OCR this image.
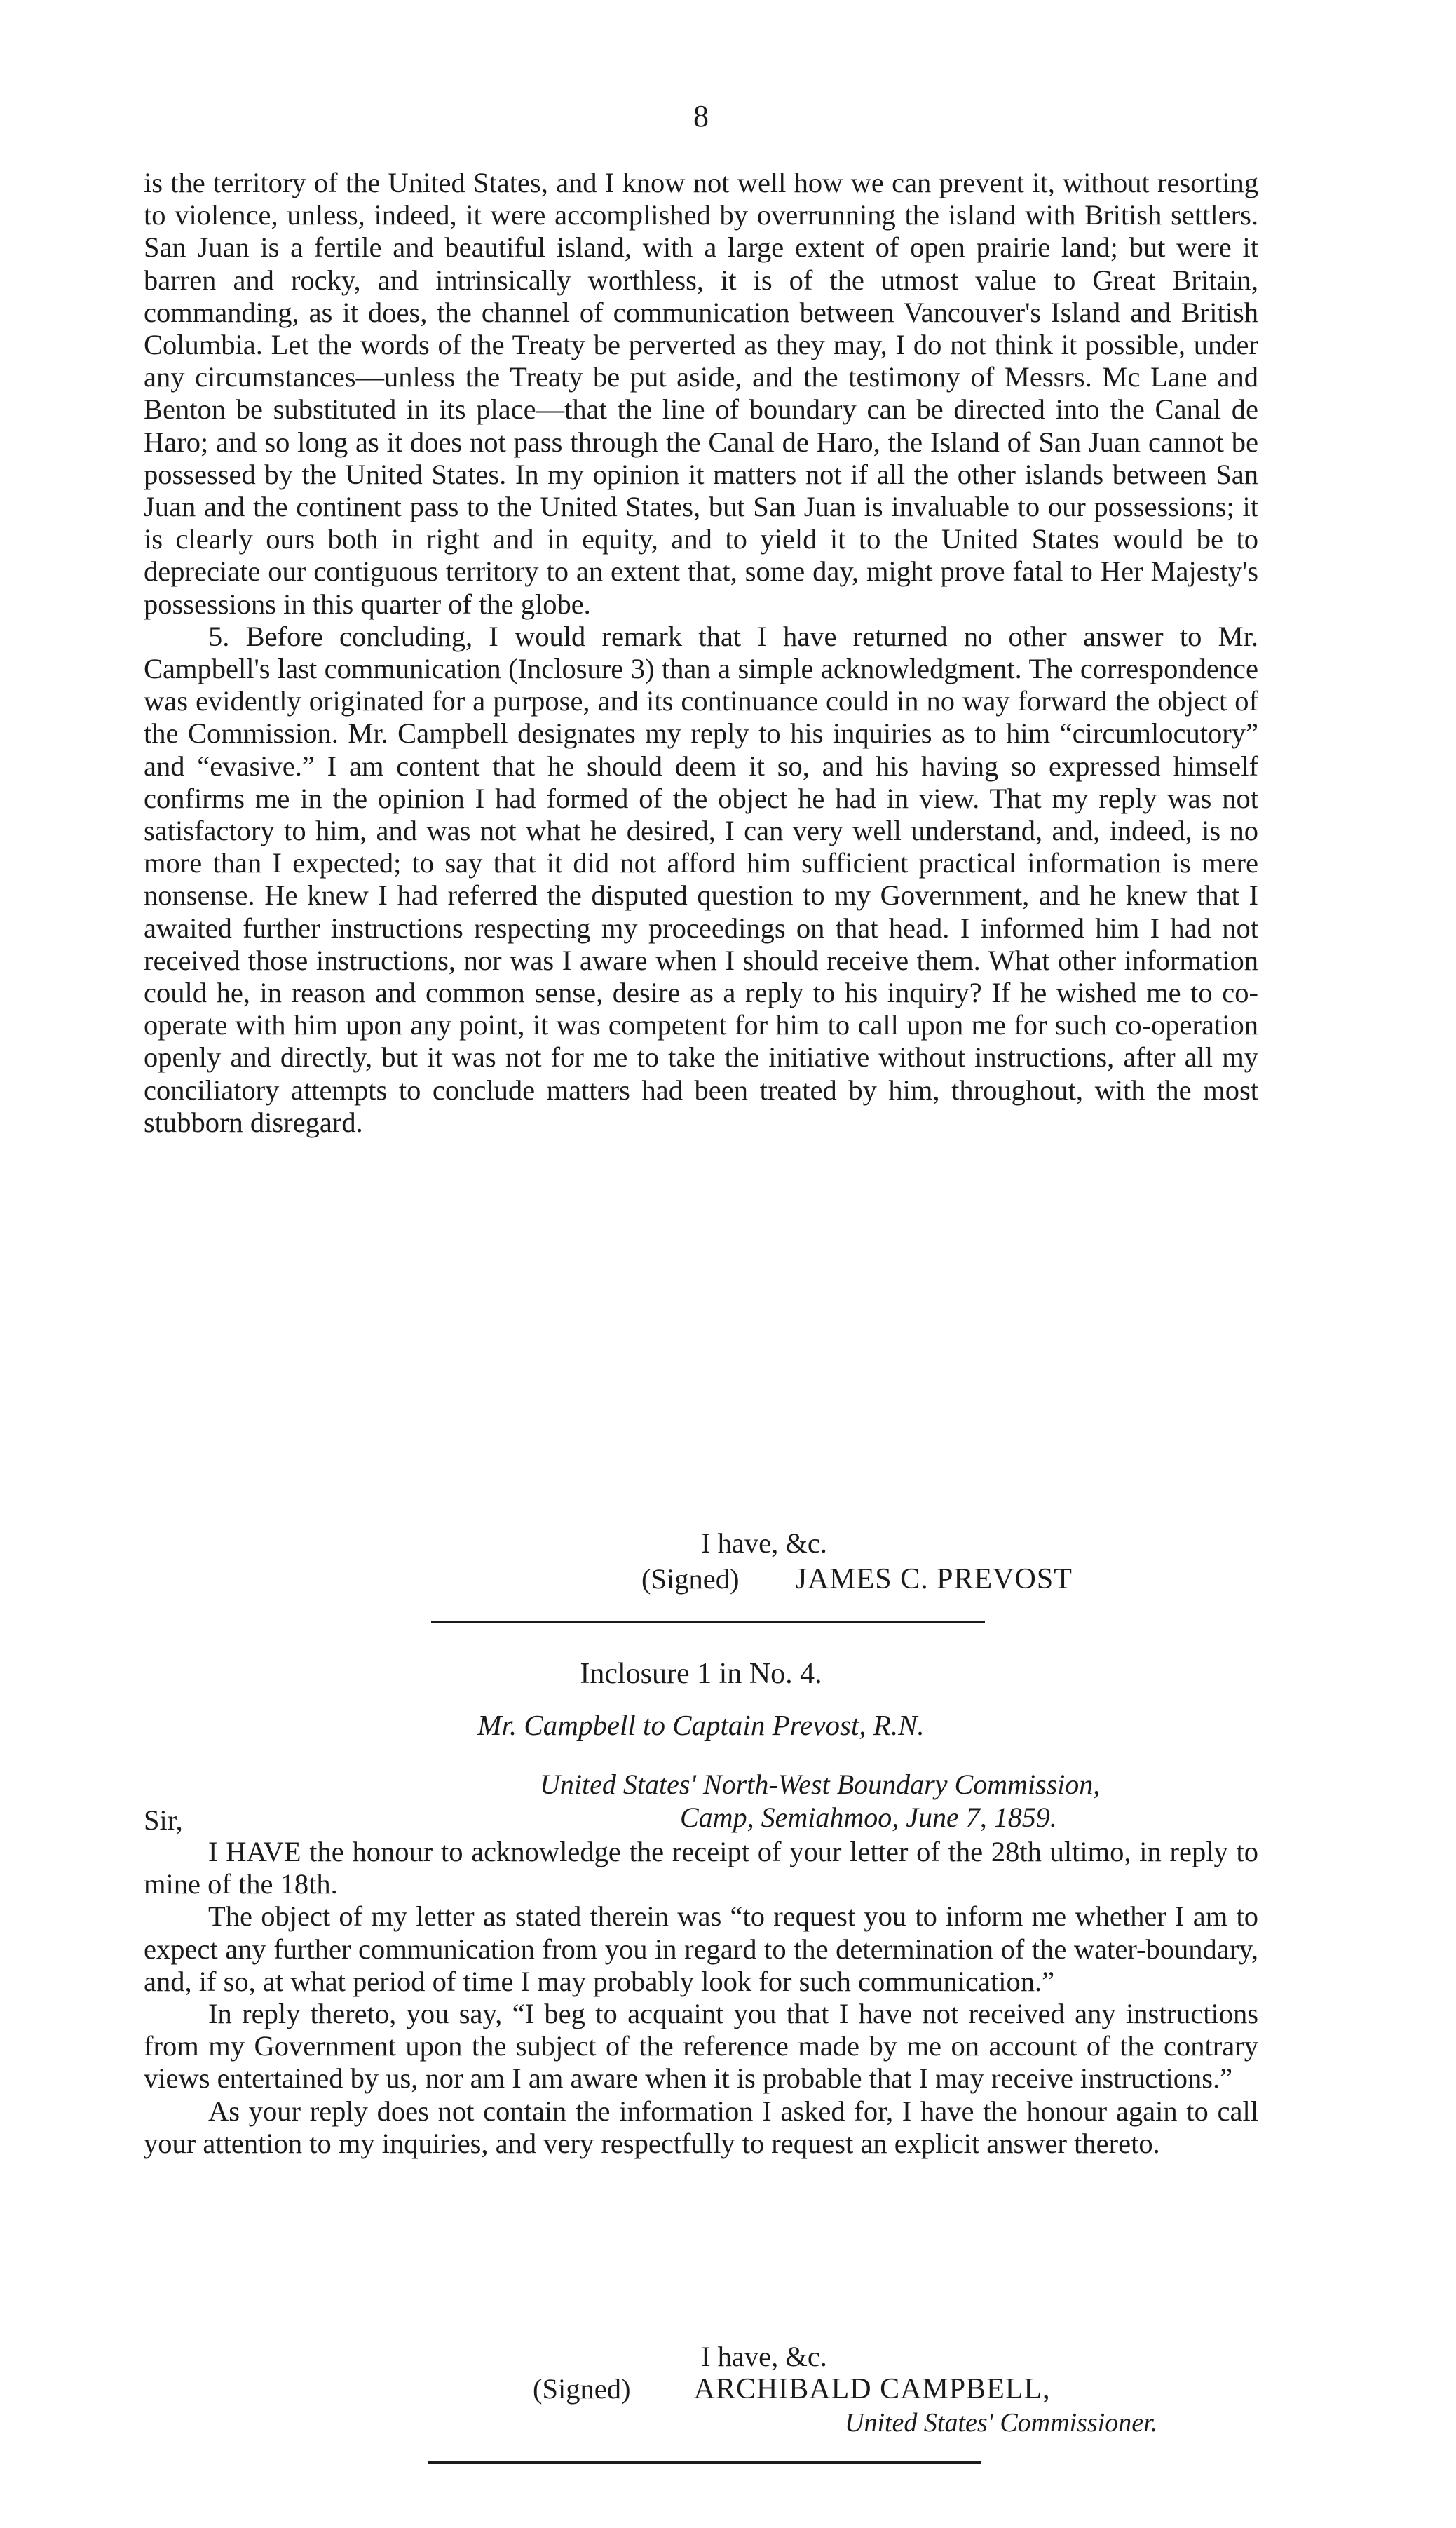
8

is the territory of the United States, and I know not well how we can prevent it, without resorting to violence, unless, indeed, it were accomplished by overrunning the island with British settlers. San Juan is a fertile and beautiful island, with a large extent of open prairie land; but were it barren and rocky, and intrinsically worthless, it is of the utmost value to Great Britain, commanding, as it does, the channel of communication between Vancouver's Island and British Columbia. Let the words of the Treaty be perverted as they may, I do not think it possible, under any circumstances—unless the Treaty be put aside, and the testimony of Messrs. Mc Lane and Benton be substituted in its place—that the line of boundary can be directed into the Canal de Haro; and so long as it does not pass through the Canal de Haro, the Island of San Juan cannot be possessed by the United States. In my opinion it matters not if all the other islands between San Juan and the continent pass to the United States, but San Juan is invaluable to our possessions; it is clearly ours both in right and in equity, and to yield it to the United States would be to depreciate our contiguous territory to an extent that, some day, might prove fatal to Her Majesty's possessions in this quarter of the globe.

5. Before concluding, I would remark that I have returned no other answer to Mr. Campbell's last communication (Inclosure 3) than a simple acknowledgment. The correspondence was evidently originated for a purpose, and its continuance could in no way forward the object of the Commission. Mr. Campbell designates my reply to his inquiries as to him “circumlocutory” and “evasive.” I am content that he should deem it so, and his having so expressed himself confirms me in the opinion I had formed of the object he had in view. That my reply was not satisfactory to him, and was not what he desired, I can very well understand, and, indeed, is no more than I expected; to say that it did not afford him sufficient practical information is mere nonsense. He knew I had referred the disputed question to my Government, and he knew that I awaited further instructions respecting my proceedings on that head. I informed him I had not received those instructions, nor was I aware when I should receive them. What other information could he, in reason and common sense, desire as a reply to his inquiry? If he wished me to co-operate with him upon any point, it was competent for him to call upon me for such co-operation openly and directly, but it was not for me to take the initiative without instructions, after all my conciliatory attempts to conclude matters had been treated by him, throughout, with the most stubborn disregard.

I have, &c.
(Signed) JAMES C. PREVOST
Inclosure 1 in No. 4.
Mr. Campbell to Captain Prevost, R.N.
United States' North-West Boundary Commission,
Camp, Semiahmoo, June 7, 1859.
Sir,

I HAVE the honour to acknowledge the receipt of your letter of the 28th ultimo, in reply to mine of the 18th.

The object of my letter as stated therein was “to request you to inform me whether I am to expect any further communication from you in regard to the determination of the water-boundary, and, if so, at what period of time I may probably look for such communication.”

In reply thereto, you say, “I beg to acquaint you that I have not received any instructions from my Government upon the subject of the reference made by me on account of the contrary views entertained by us, nor am I am aware when it is probable that I may receive instructions.”

As your reply does not contain the information I asked for, I have the honour again to call your attention to my inquiries, and very respectfully to request an explicit answer thereto.

I have, &c.
(Signed) ARCHIBALD CAMPBELL,
United States' Commissioner.
